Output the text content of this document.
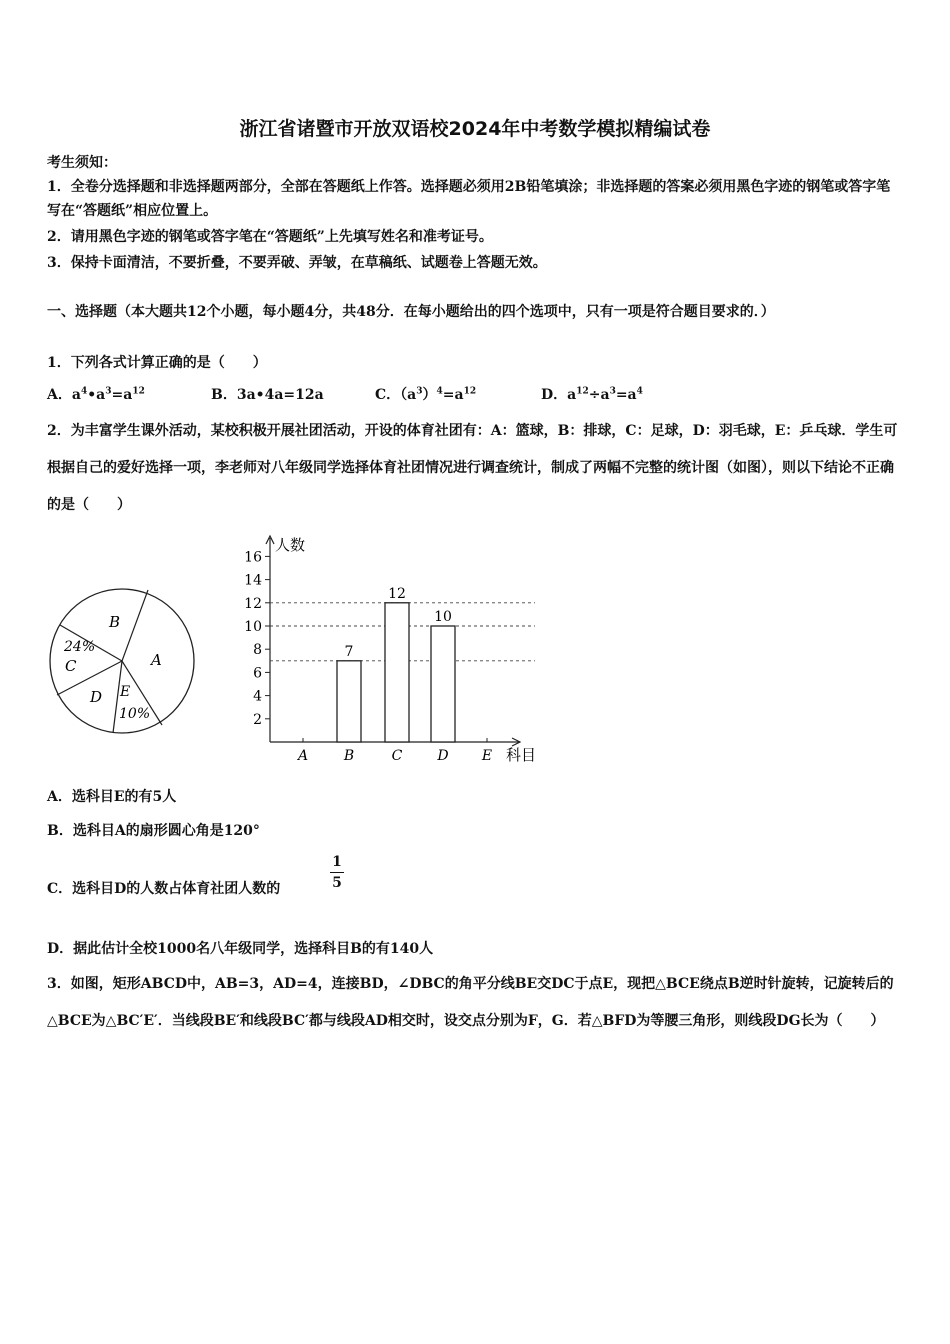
浙江省诸暨市开放双语校2024年中考数学模拟精编试卷
考生须知：
1．全卷分选择题和非选择题两部分，全部在答题纸上作答。选择题必须用2B铅笔填涂；非选择题的答案必须用黑色字迹的钢笔或答字笔写在“答题纸”相应位置上。
2．请用黑色字迹的钢笔或答字笔在“答题纸”上先填写姓名和准考证号。
3．保持卡面清洁，不要折叠，不要弄破、弄皱，在草稿纸、试题卷上答题无效。
一、选择题（本大题共12个小题，每小题4分，共48分．在每小题给出的四个选项中，只有一项是符合题目要求的．）
1．下列各式计算正确的是（　　）
A．$a^4•a^3=a^{12}$	B．3a•4a=12a	C．$(a^3)^4=a^{12}$	D．$a^{12}\div a^3=a^4$
2．为丰富学生课外活动，某校积极开展社团活动，开设的体育社团有：A：篮球，B：排球，C：足球，D：羽毛球，E：乒乓球．学生可根据自己的爱好选择一项，李老师对八年级同学选择体育社团情况进行调查统计，制成了两幅不完整的统计图（如图），则以下结论不正确的是（　　）
B
A
24%
C
D E
10%
人数
科目
2
4
6
8
10
12
14
16
A	B
7
C
12
D
10
E
A．选科目E的有5人
B．选科目A的扇形圆心角是120°
C．选科目D的人数占体育社团人数的	$\frac{1}{5}$
D．据此估计全校1000名八年级同学，选择科目B的有140人
3．如图，矩形ABCD中，AB=3，AD=4，连接BD，∠DBC的角平分线BE交DC于点E，现把△BCE绕点B逆时针旋转，记旋转后的△BCE为△BC′E′．当线段BE′和线段BC′都与线段AD相交时，设交点分别为F，G．若△BFD为等腰三角形，则线段DG长为（　　）
